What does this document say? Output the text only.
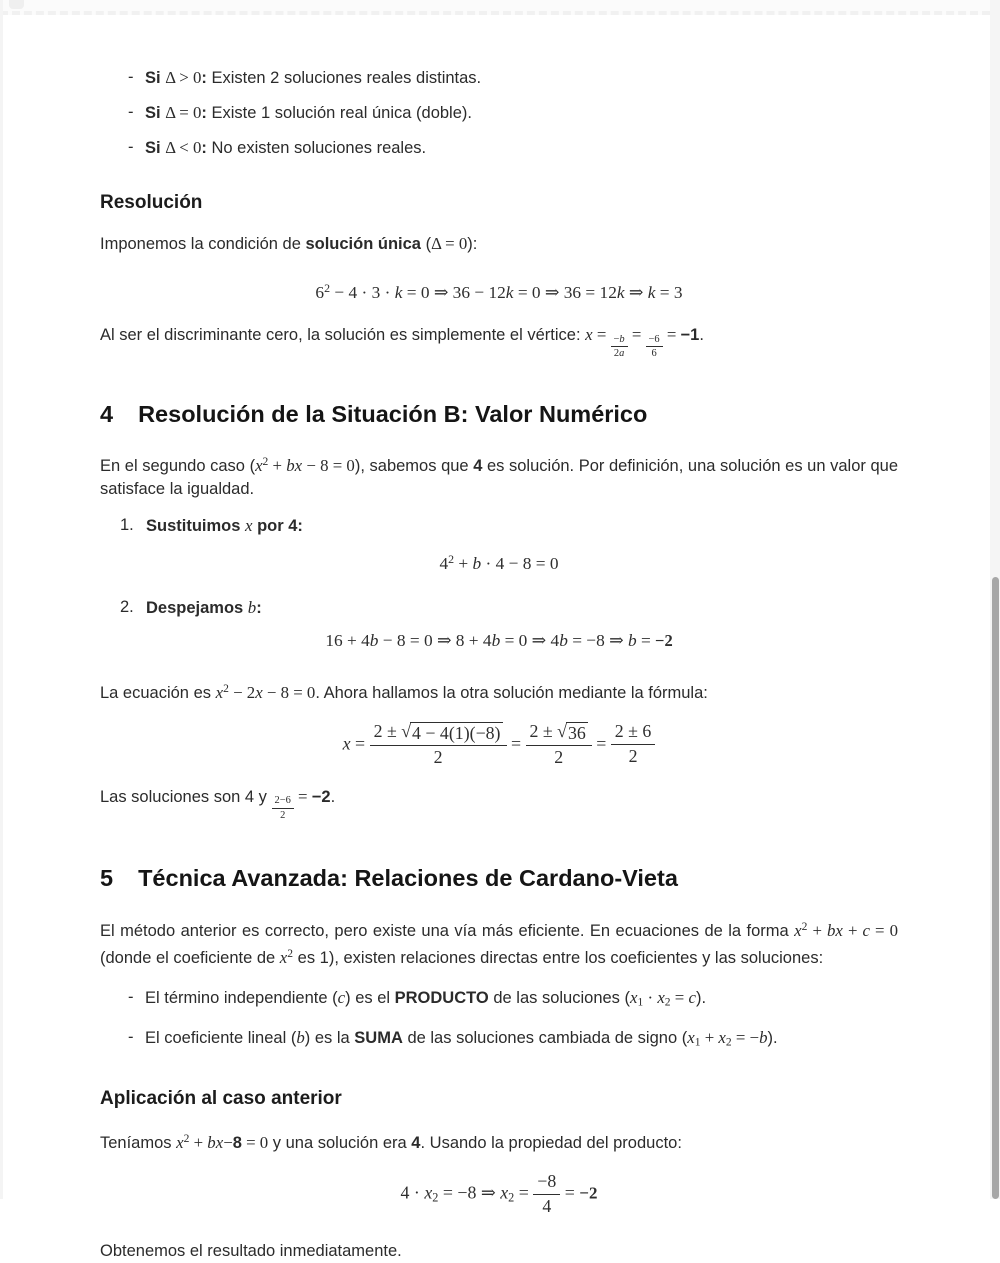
- Si Δ > 0: Existen 2 soluciones reales distintas.
- Si Δ = 0: Existe 1 solución real única (doble).
- Si Δ < 0: No existen soluciones reales.
Resolución

Imponemos la condición de solución única (Δ = 0):

$6^2 - 4 \cdot 3 \cdot k = 0$ ⇒ 36 − 12k = 0 ⇒ 36 = 12k ⇒ k = 3

Al ser el discriminante cero, la solución es simplemente el vértice: $x = \frac{-b}{2a} = \frac{-6}{6} = -1$.

4 Resolución de la Situación B: Valor Numérico

En el segundo caso ($x^2$ + bx − 8 = 0), sabemos que 4 es solución. Por definición, una solución es un valor que satisface la igualdad.

1. Sustituimos x por 4:
$4^2 + b \cdot 4 - 8 = 0$
2. Despejamos b:
16 + 4b − 8 = 0 ⇒ 8 + 4b = 0 ⇒ 4b = −8 ⇒ b = −2

La ecuación es $x^2 - 2x - 8 = 0$. Ahora hallamos la otra solución mediante la fórmula:

$x = \frac{2 \pm √ 4 - 4(1)(-8)}{2} = \frac{2 \pm √ 36}{2} = \frac{2 \pm 6}{2}$

Las soluciones son 4 y $\frac{2-6}{2} = -2$.

5 Técnica Avanzada: Relaciones de Cardano-Vieta

El método anterior es correcto, pero existe una vía más eficiente. En ecuaciones de la forma $x^2$ + bx + c = 0 (donde el coeficiente de $x^2$ es 1), existen relaciones directas entre los coeficientes y las soluciones:

- El término independiente (c) es el PRODUCTO de las soluciones (x1 · x2 = c).
- El coeficiente lineal (b) es la SUMA de las soluciones cambiada de signo (x1 + x2 = −b).
Aplicación al caso anterior

Teníamos $x^2 + bx-8 = 0$ y una solución era 4. Usando la propiedad del producto:

4 · x2 = −8 ⇒ $x2 = \frac{-8}{4} = -2$

Obtenemos el resultado inmediatamente.
